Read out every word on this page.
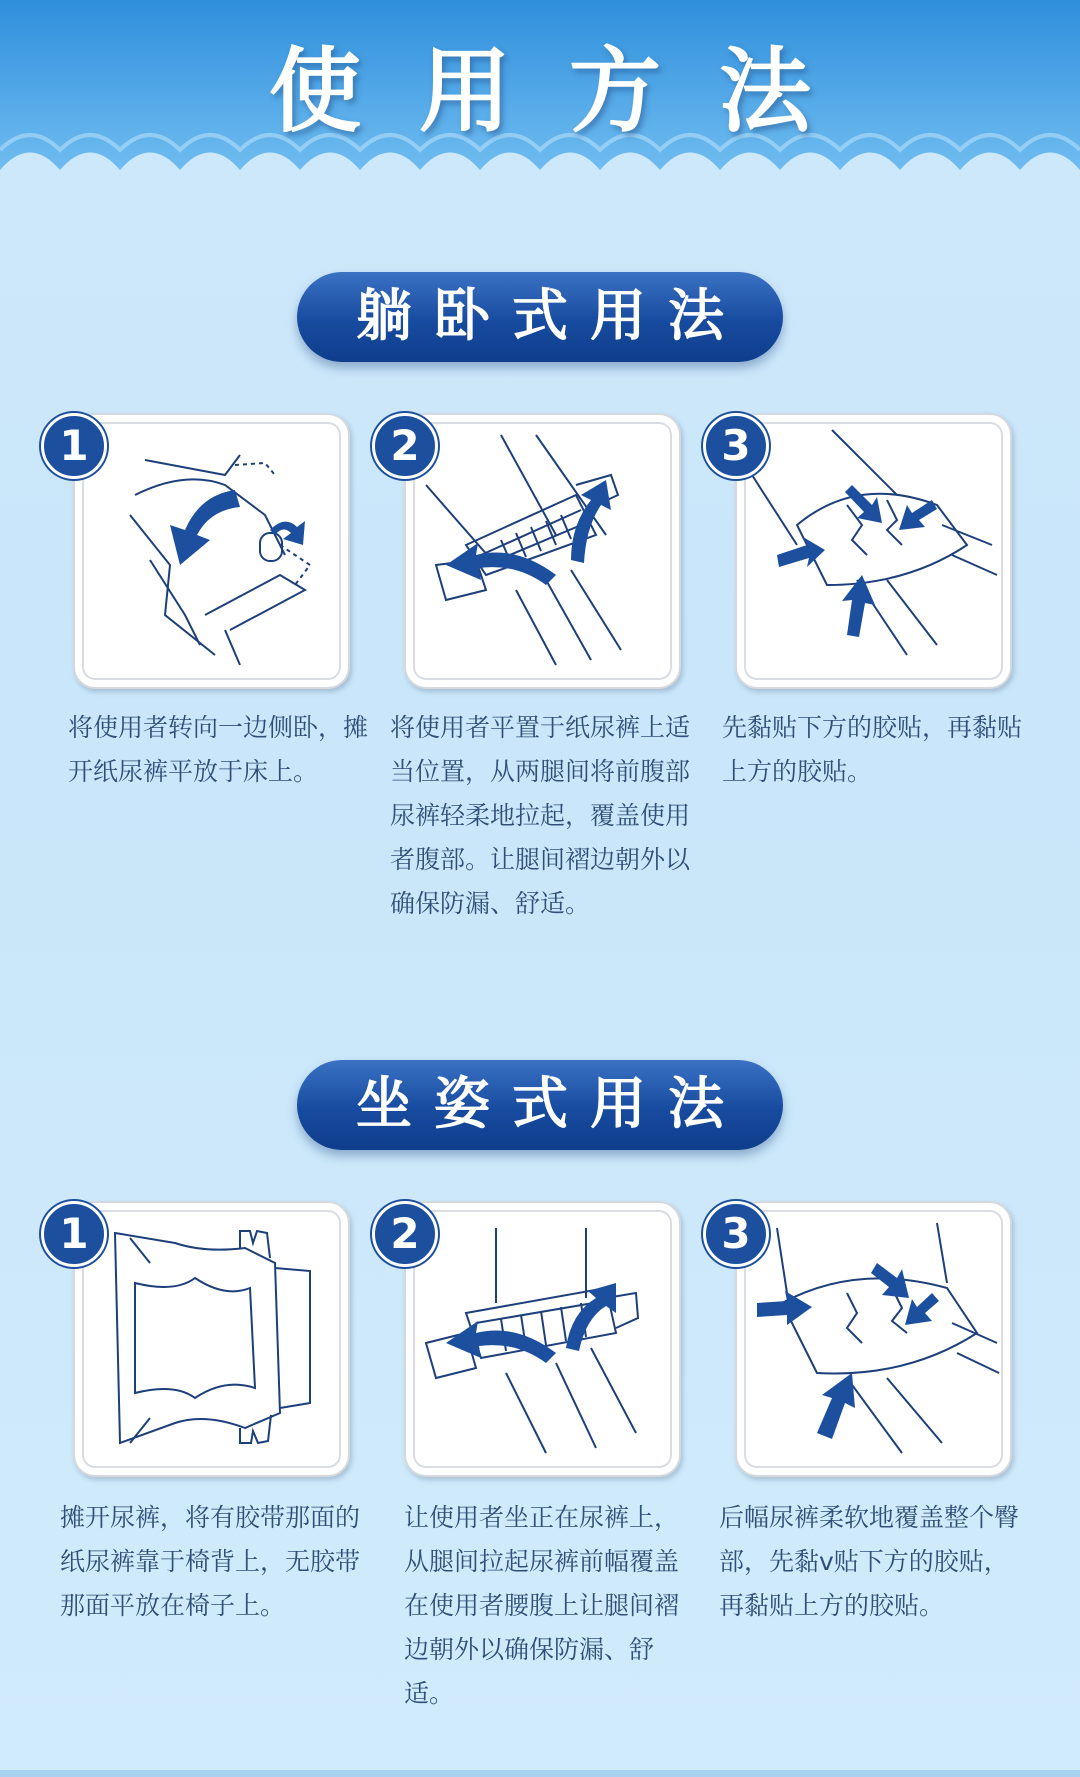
使用方法
躺卧式用法
1	2	3

将使用者转向一边侧卧，摊开纸尿裤平放于床上。

将使用者平置于纸尿裤上适当位置，从两腿间将前腹部尿裤轻柔地拉起，覆盖使用者腹部。让腿间褶边朝外以确保防漏、舒适。

先黏贴下方的胶贴，再黏贴上方的胶贴。

坐姿式用法
1	2	3

摊开尿裤，将有胶带那面的纸尿裤靠于椅背上，无胶带那面平放在椅子上。

让使用者坐正在尿裤上，从腿间拉起尿裤前幅覆盖在使用者腰腹上让腿间褶边朝外以确保防漏、舒适。

后幅尿裤柔软地覆盖整个臀部，先黏v贴下方的胶贴，再黏贴上方的胶贴。
